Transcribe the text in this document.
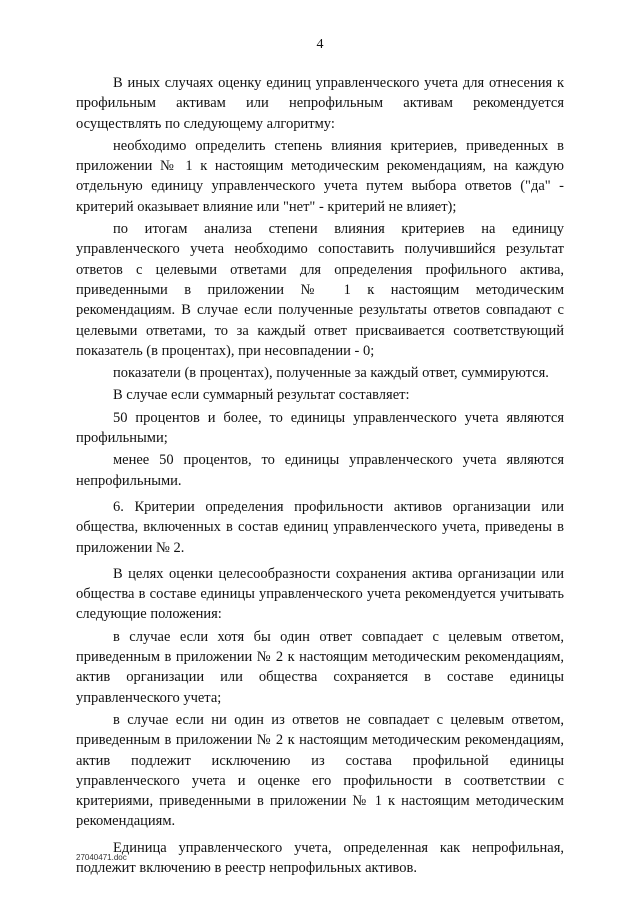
4

В иных случаях оценку единиц управленческого учета для отнесения к профильным активам или непрофильным активам рекомендуется осуществлять по следующему алгоритму:

необходимо определить степень влияния критериев, приведенных в приложении № 1 к настоящим методическим рекомендациям, на каждую отдельную единицу управленческого учета путем выбора ответов ("да" - критерий оказывает влияние или "нет" - критерий не влияет);

по итогам анализа степени влияния критериев на единицу управленческого учета необходимо сопоставить получившийся результат ответов с целевыми ответами для определения профильного актива, приведенными в приложении № 1 к настоящим методическим рекомендациям. В случае если полученные результаты ответов совпадают с целевыми ответами, то за каждый ответ присваивается соответствующий показатель (в процентах), при несовпадении - 0;

показатели (в процентах), полученные за каждый ответ, суммируются.

В случае если суммарный результат составляет:

50 процентов и более, то единицы управленческого учета являются профильными;

менее 50 процентов, то единицы управленческого учета являются непрофильными.

6. Критерии определения профильности активов организации или общества, включенных в состав единиц управленческого учета, приведены в приложении № 2.

В целях оценки целесообразности сохранения актива организации или общества в составе единицы управленческого учета рекомендуется учитывать следующие положения:

в случае если хотя бы один ответ совпадает с целевым ответом, приведенным в приложении № 2 к настоящим методическим рекомендациям, актив организации или общества сохраняется в составе единицы управленческого учета;

в случае если ни один из ответов не совпадает с целевым ответом, приведенным в приложении № 2 к настоящим методическим рекомендациям, актив подлежит исключению из состава профильной единицы управленческого учета и оценке его профильности в соответствии с критериями, приведенными в приложении № 1 к настоящим методическим рекомендациям.

Единица управленческого учета, определенная как непрофильная, подлежит включению в реестр непрофильных активов.

27040471.doc
